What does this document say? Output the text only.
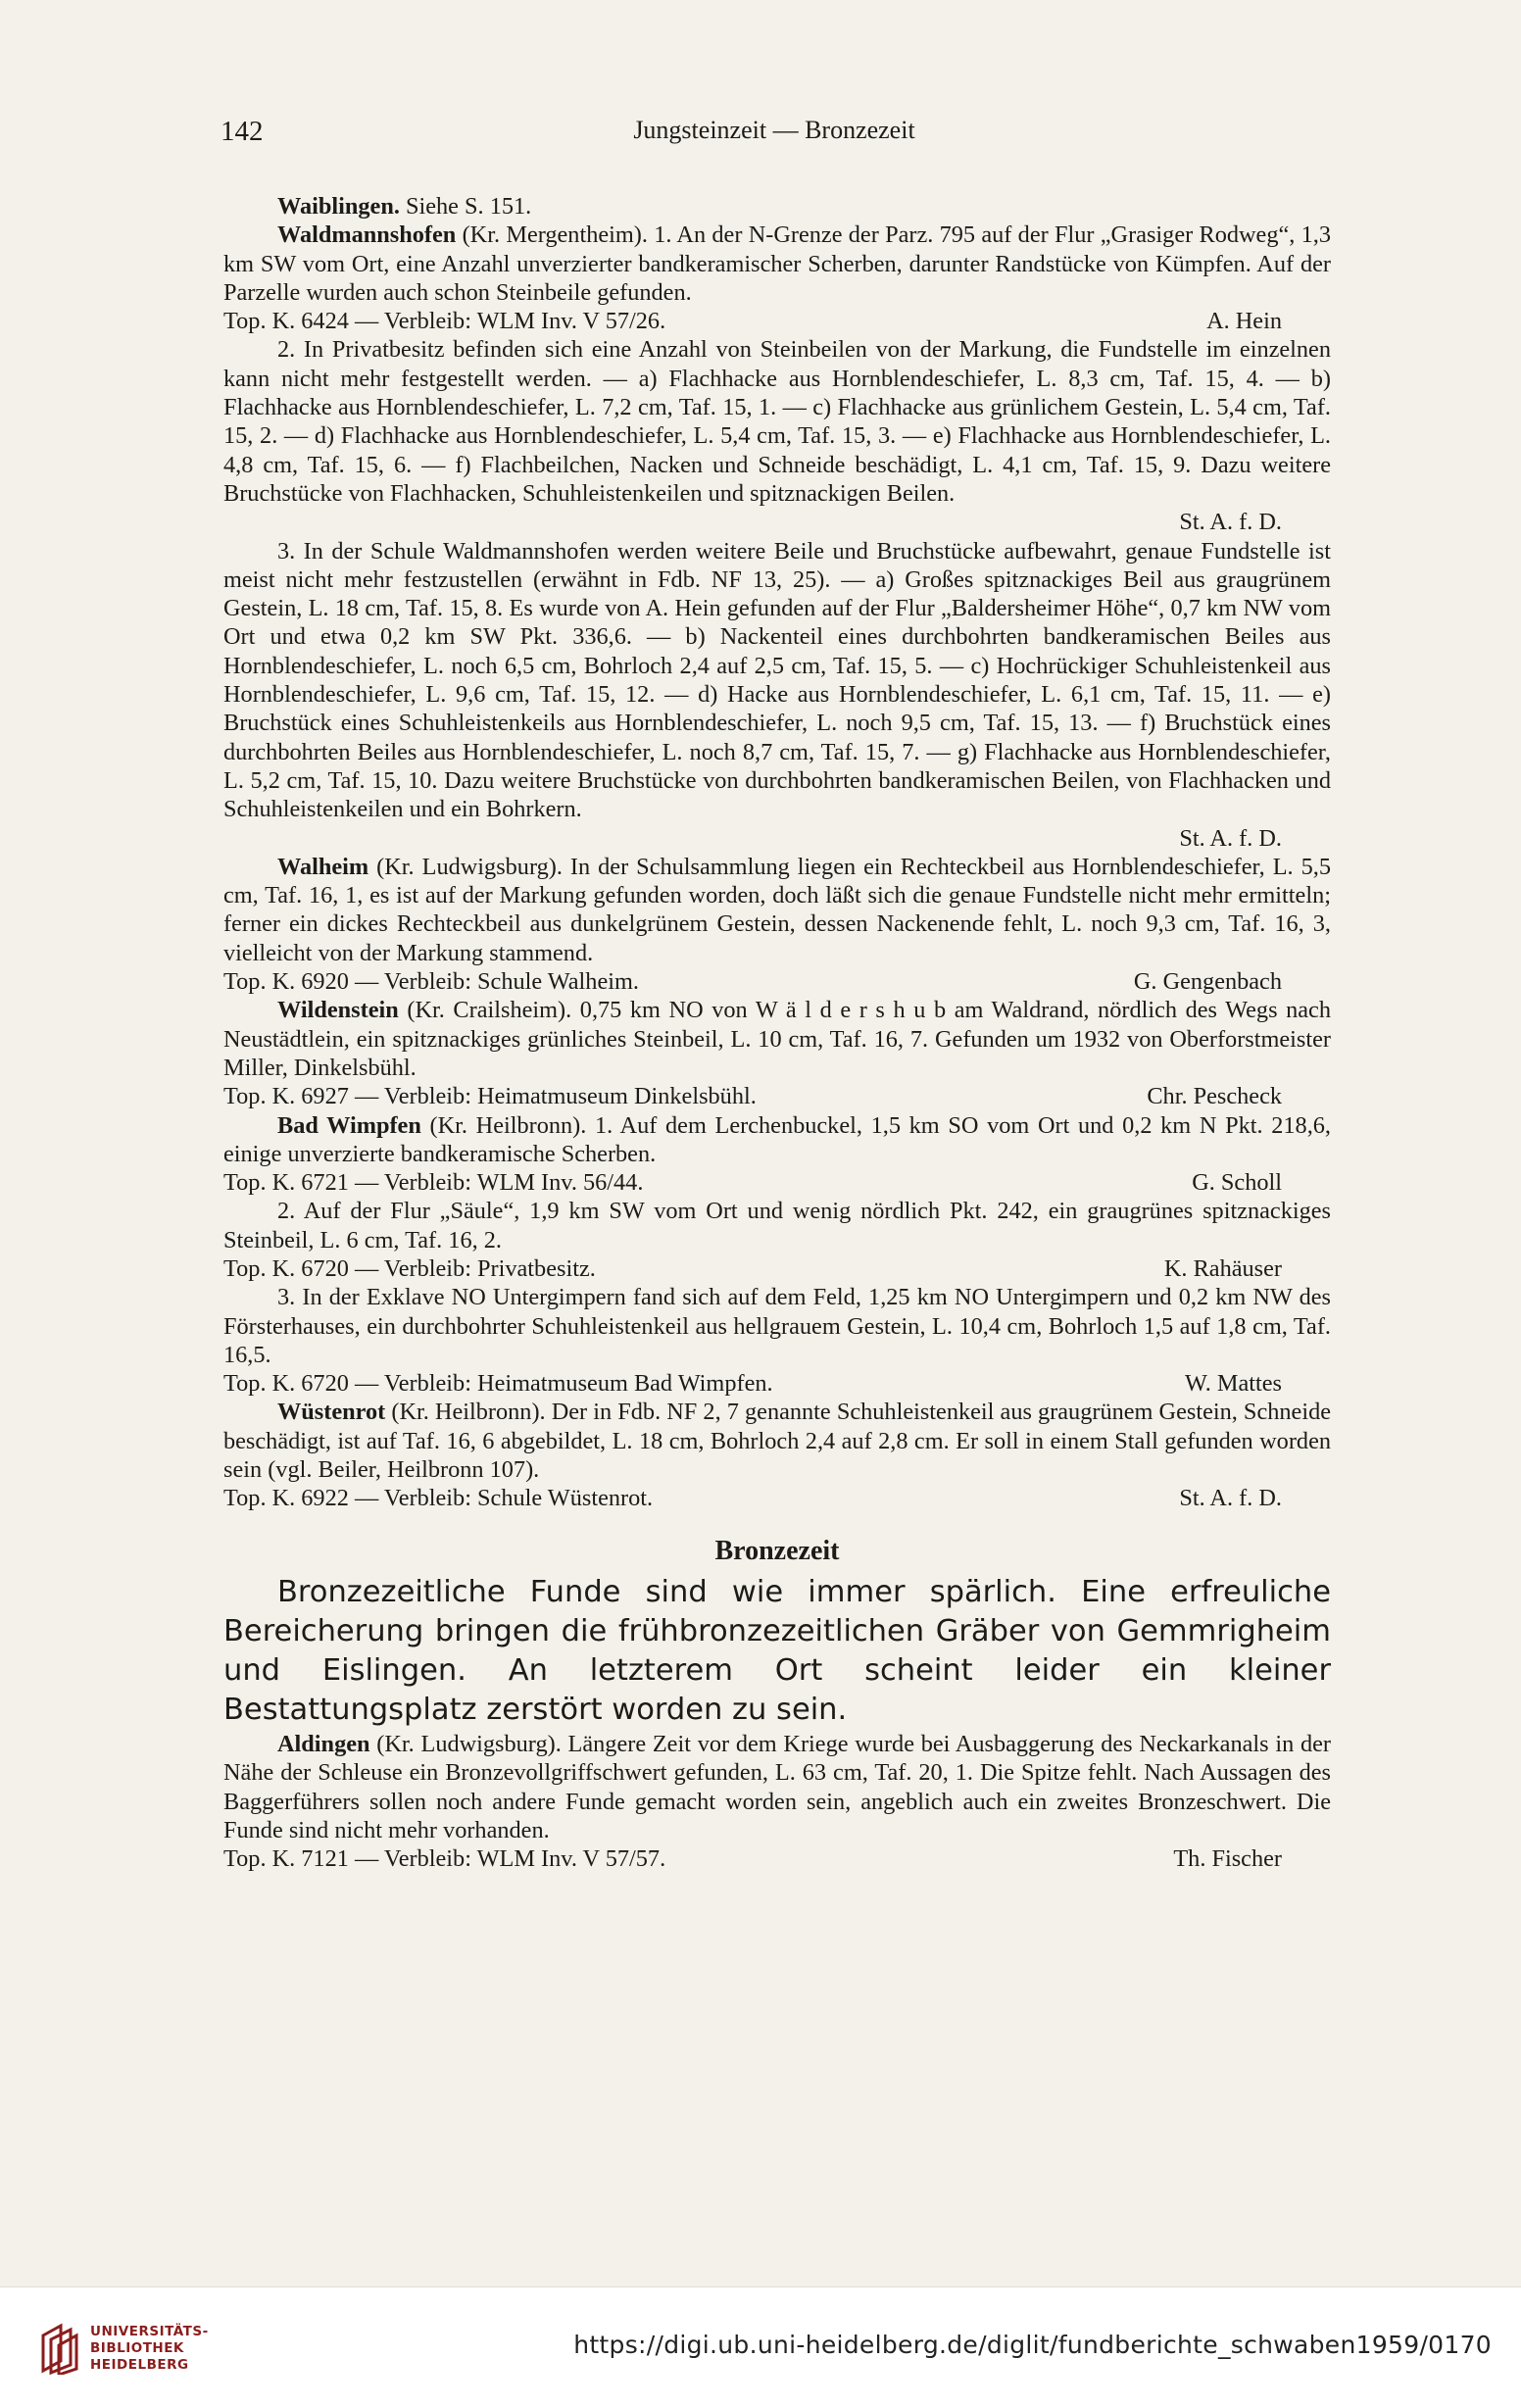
142	Jungsteinzeit — Bronzezeit

Waiblingen. Siehe S. 151.

Waldmannshofen (Kr. Mergentheim). 1. An der N-Grenze der Parz. 795 auf der Flur „Grasiger Rodweg“, 1,3 km SW vom Ort, eine Anzahl unverzierter bandkeramischer Scherben, darunter Randstücke von Kümpfen. Auf der Parzelle wurden auch schon Steinbeile gefunden.

Top. K. 6424 — Verbleib: WLM Inv. V 57/26.	A. Hein

2. In Privatbesitz befinden sich eine Anzahl von Steinbeilen von der Markung, die Fundstelle im einzelnen kann nicht mehr festgestellt werden. — a) Flachhacke aus Hornblendeschiefer, L. 8,3 cm, Taf. 15, 4. — b) Flachhacke aus Hornblendeschiefer, L. 7,2 cm, Taf. 15, 1. — c) Flachhacke aus grünlichem Gestein, L. 5,4 cm, Taf. 15, 2. — d) Flachhacke aus Hornblendeschiefer, L. 5,4 cm, Taf. 15, 3. — e) Flachhacke aus Hornblendeschiefer, L. 4,8 cm, Taf. 15, 6. — f) Flachbeilchen, Nacken und Schneide beschädigt, L. 4,1 cm, Taf. 15, 9. Dazu weitere Bruchstücke von Flachhacken, Schuhleistenkeilen und spitznackigen Beilen.

St. A. f. D.

3. In der Schule Waldmannshofen werden weitere Beile und Bruchstücke aufbewahrt, genaue Fundstelle ist meist nicht mehr festzustellen (erwähnt in Fdb. NF 13, 25). — a) Großes spitznackiges Beil aus graugrünem Gestein, L. 18 cm, Taf. 15, 8. Es wurde von A. Hein gefunden auf der Flur „Baldersheimer Höhe“, 0,7 km NW vom Ort und etwa 0,2 km SW Pkt. 336,6. — b) Nackenteil eines durchbohrten bandkeramischen Beiles aus Hornblendeschiefer, L. noch 6,5 cm, Bohrloch 2,4 auf 2,5 cm, Taf. 15, 5. — c) Hochrückiger Schuhleistenkeil aus Hornblendeschiefer, L. 9,6 cm, Taf. 15, 12. — d) Hacke aus Hornblendeschiefer, L. 6,1 cm, Taf. 15, 11. — e) Bruchstück eines Schuhleistenkeils aus Hornblendeschiefer, L. noch 9,5 cm, Taf. 15, 13. — f) Bruchstück eines durchbohrten Beiles aus Hornblendeschiefer, L. noch 8,7 cm, Taf. 15, 7. — g) Flachhacke aus Hornblendeschiefer, L. 5,2 cm, Taf. 15, 10. Dazu weitere Bruchstücke von durchbohrten bandkeramischen Beilen, von Flachhacken und Schuhleistenkeilen und ein Bohrkern.

St. A. f. D.

Walheim (Kr. Ludwigsburg). In der Schulsammlung liegen ein Rechteckbeil aus Hornblendeschiefer, L. 5,5 cm, Taf. 16, 1, es ist auf der Markung gefunden worden, doch läßt sich die genaue Fundstelle nicht mehr ermitteln; ferner ein dickes Rechteckbeil aus dunkelgrünem Gestein, dessen Nackenende fehlt, L. noch 9,3 cm, Taf. 16, 3, vielleicht von der Markung stammend.

Top. K. 6920 — Verbleib: Schule Walheim.	G. Gengenbach

Wildenstein (Kr. Crailsheim). 0,75 km NO von W ä l d e r s h u b am Waldrand, nördlich des Wegs nach Neustädtlein, ein spitznackiges grünliches Steinbeil, L. 10 cm, Taf. 16, 7. Gefunden um 1932 von Oberforstmeister Miller, Dinkelsbühl.

Top. K. 6927 — Verbleib: Heimatmuseum Dinkelsbühl.	Chr. Pescheck

Bad Wimpfen (Kr. Heilbronn). 1. Auf dem Lerchenbuckel, 1,5 km SO vom Ort und 0,2 km N Pkt. 218,6, einige unverzierte bandkeramische Scherben.

Top. K. 6721 — Verbleib: WLM Inv. 56/44.	G. Scholl

2. Auf der Flur „Säule“, 1,9 km SW vom Ort und wenig nördlich Pkt. 242, ein graugrünes spitznackiges Steinbeil, L. 6 cm, Taf. 16, 2.

Top. K. 6720 — Verbleib: Privatbesitz.	K. Rahäuser

3. In der Exklave NO Untergimpern fand sich auf dem Feld, 1,25 km NO Untergimpern und 0,2 km NW des Försterhauses, ein durchbohrter Schuhleistenkeil aus hellgrauem Gestein, L. 10,4 cm, Bohrloch 1,5 auf 1,8 cm, Taf. 16,5.

Top. K. 6720 — Verbleib: Heimatmuseum Bad Wimpfen.	W. Mattes

Wüstenrot (Kr. Heilbronn). Der in Fdb. NF 2, 7 genannte Schuhleistenkeil aus graugrünem Gestein, Schneide beschädigt, ist auf Taf. 16, 6 abgebildet, L. 18 cm, Bohrloch 2,4 auf 2,8 cm. Er soll in einem Stall gefunden worden sein (vgl. Beiler, Heilbronn 107).

Top. K. 6922 — Verbleib: Schule Wüstenrot.	St. A. f. D.
Bronzezeit

Bronzezeitliche Funde sind wie immer spärlich. Eine erfreuliche Bereicherung bringen die frühbronzezeitlichen Gräber von Gemmrigheim und Eislingen. An letzterem Ort scheint leider ein kleiner Bestattungsplatz zerstört worden zu sein.

Aldingen (Kr. Ludwigsburg). Längere Zeit vor dem Kriege wurde bei Ausbaggerung des Neckarkanals in der Nähe der Schleuse ein Bronzevollgriffschwert gefunden, L. 63 cm, Taf. 20, 1. Die Spitze fehlt. Nach Aussagen des Baggerführers sollen noch andere Funde gemacht worden sein, angeblich auch ein zweites Bronzeschwert. Die Funde sind nicht mehr vorhanden.

Top. K. 7121 — Verbleib: WLM Inv. V 57/57.	Th. Fischer
UNIVERSITÄTS-
BIBLIOTHEK
HEIDELBERG
https://digi.ub.uni-heidelberg.de/diglit/fundberichte_schwaben1959/0170
